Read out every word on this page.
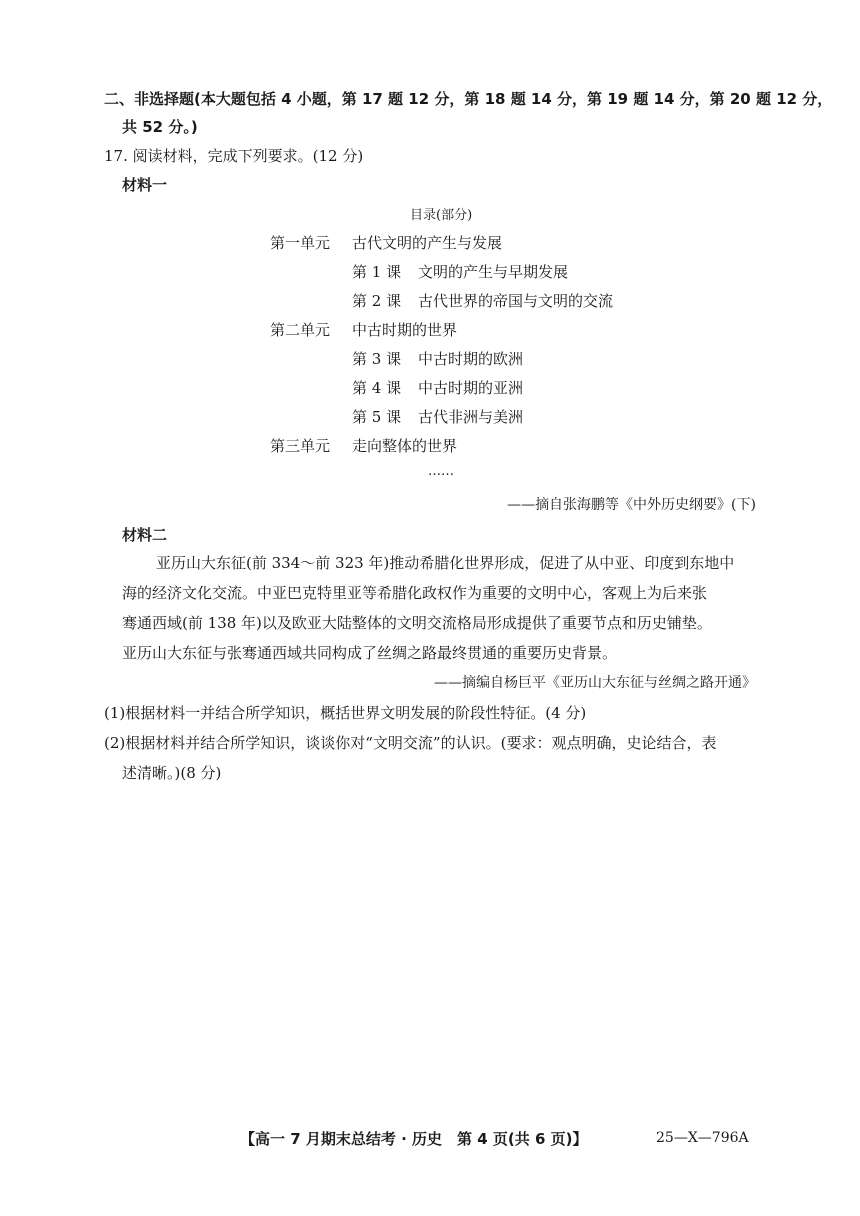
二、非选择题(本大题包括 4 小题，第 17 题 12 分，第 18 题 14 分，第 19 题 14 分，第 20 题 12 分，
共 52 分。)
17. 阅读材料，完成下列要求。(12 分)
材料一
目录(部分)
第一单元 古代文明的产生与发展
第 1 课 文明的产生与早期发展
第 2 课 古代世界的帝国与文明的交流
第二单元 中古时期的世界
第 3 课 中古时期的欧洲
第 4 课 中古时期的亚洲
第 5 课 古代非洲与美洲
第三单元 走向整体的世界
……
——摘自张海鹏等《中外历史纲要》(下)
材料二
亚历山大东征(前 334～前 323 年)推动希腊化世界形成，促进了从中亚、印度到东地中
海的经济文化交流。中亚巴克特里亚等希腊化政权作为重要的文明中心，客观上为后来张
骞通西域(前 138 年)以及欧亚大陆整体的文明交流格局形成提供了重要节点和历史铺垫。
亚历山大东征与张骞通西域共同构成了丝绸之路最终贯通的重要历史背景。
——摘编自杨巨平《亚历山大东征与丝绸之路开通》
(1)根据材料一并结合所学知识，概括世界文明发展的阶段性特征。(4 分)
(2)根据材料并结合所学知识，谈谈你对“文明交流”的认识。(要求：观点明确，史论结合，表
述清晰。)(8 分)
【高一 7 月期末总结考 · 历史　第 4 页(共 6 页)】	25—X—796A
